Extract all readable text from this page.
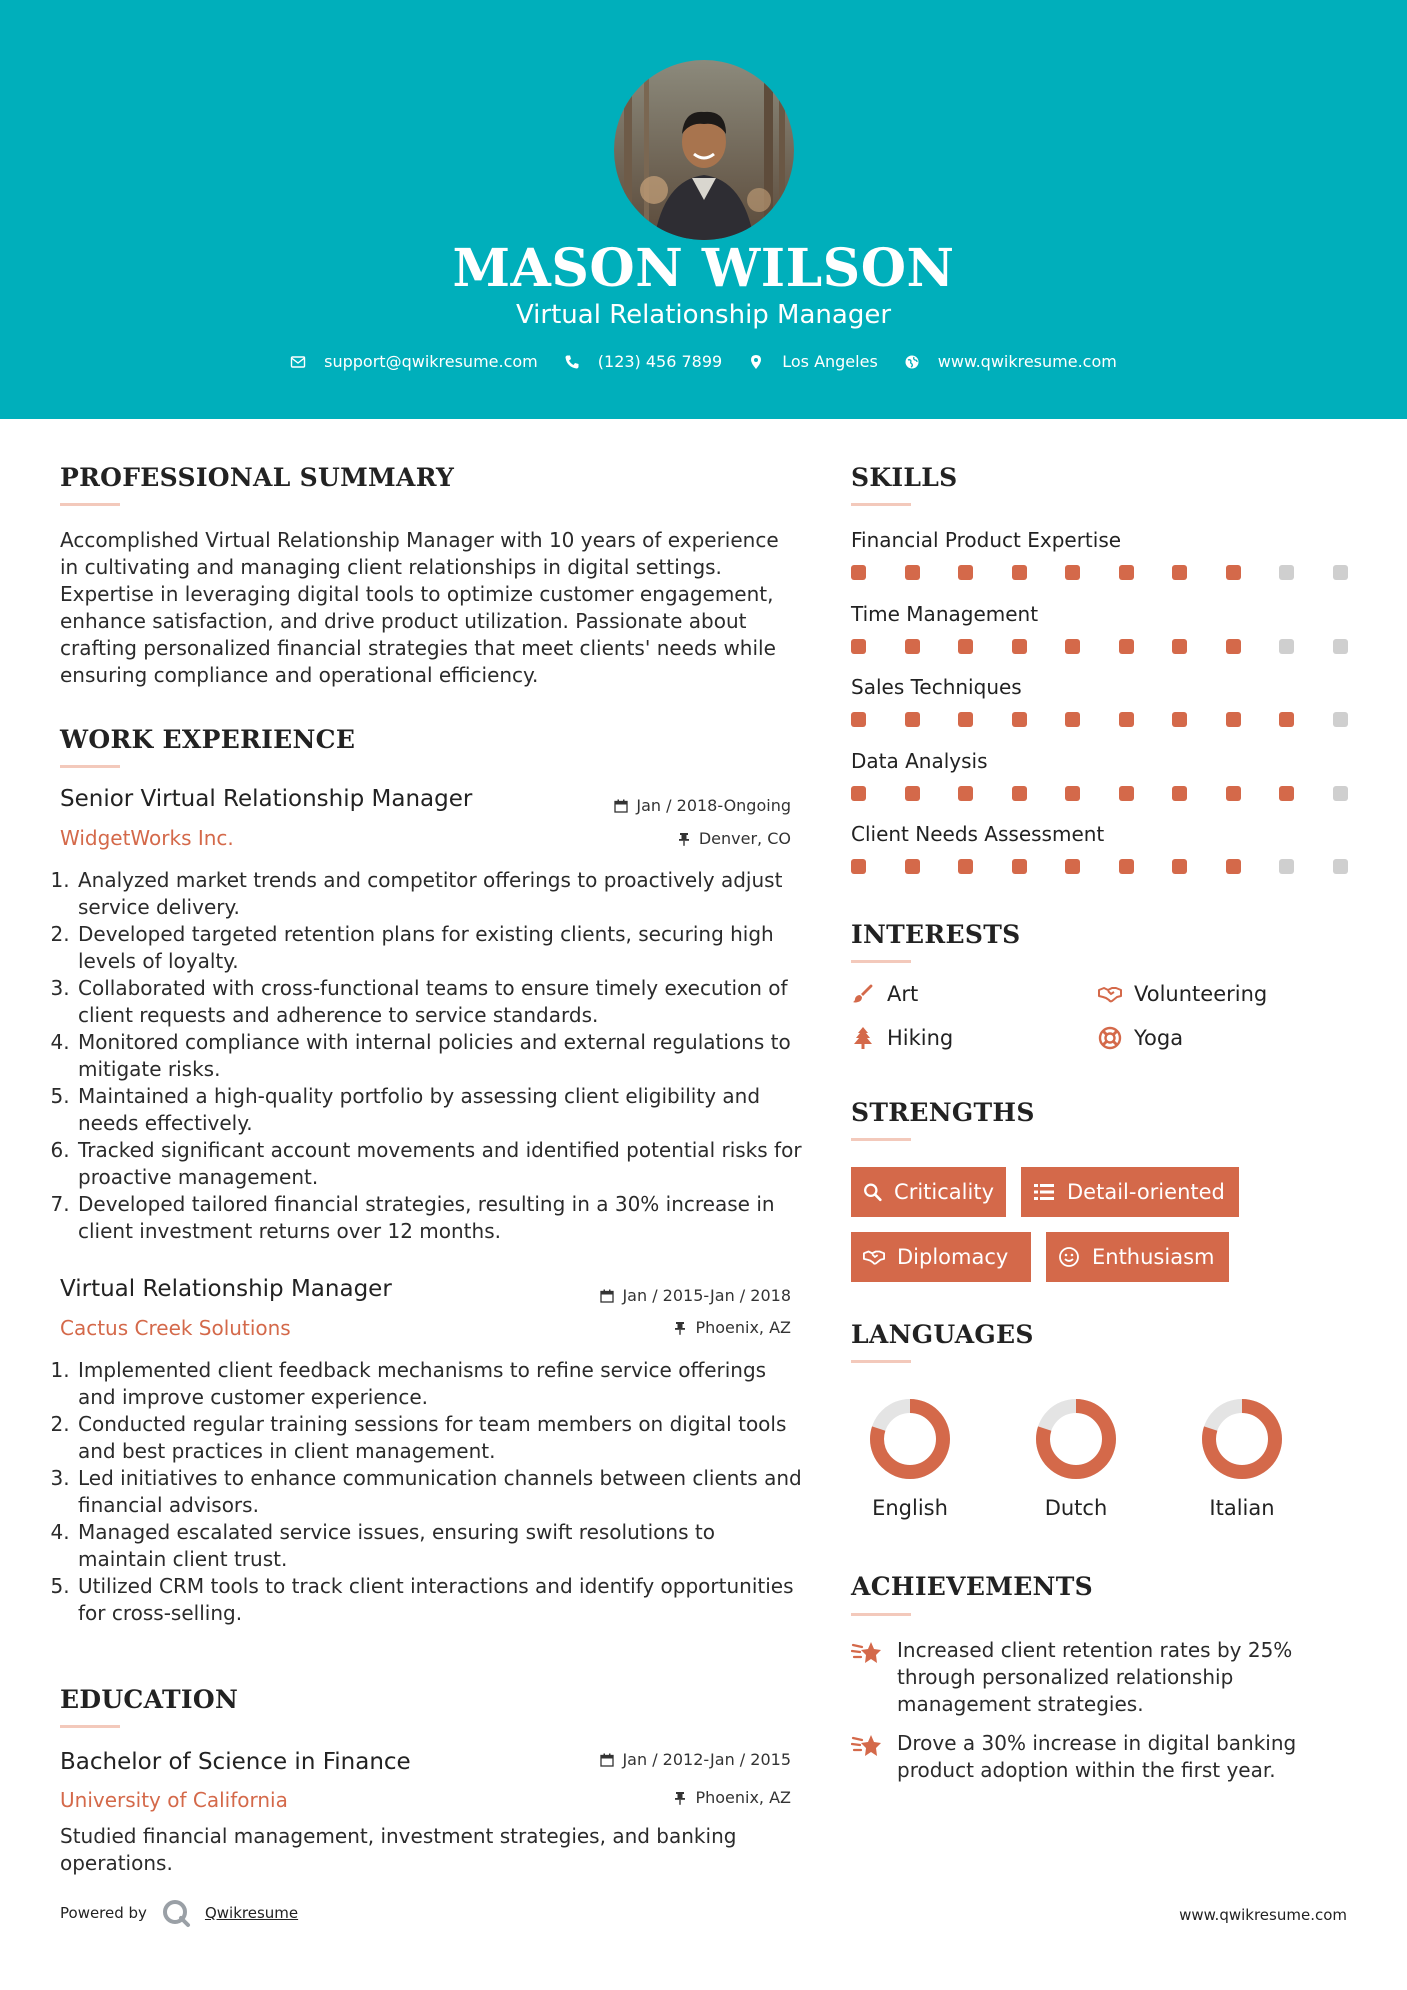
MASON WILSON
Virtual Relationship Manager
support@qwikresume.com	(123) 456 7899	Los Angeles	www.qwikresume.com
PROFESSIONAL SUMMARY
Accomplished Virtual Relationship Manager with 10 years of experience in cultivating and managing client relationships in digital settings. Expertise in leveraging digital tools to optimize customer engagement, enhance satisfaction, and drive product utilization. Passionate about crafting personalized financial strategies that meet clients' needs while ensuring compliance and operational efficiency.
WORK EXPERIENCE
Senior Virtual Relationship Manager	Jan / 2018-Ongoing
WidgetWorks Inc.	Denver, CO
1. Analyzed market trends and competitor offerings to proactively adjust service delivery.
2. Developed targeted retention plans for existing clients, securing high levels of loyalty.
3. Collaborated with cross-functional teams to ensure timely execution of client requests and adherence to service standards.
4. Monitored compliance with internal policies and external regulations to mitigate risks.
5. Maintained a high-quality portfolio by assessing client eligibility and needs effectively.
6. Tracked significant account movements and identified potential risks for proactive management.
7. Developed tailored financial strategies, resulting in a 30% increase in client investment returns over 12 months.
Virtual Relationship Manager	Jan / 2015-Jan / 2018
Cactus Creek Solutions	Phoenix, AZ
1. Implemented client feedback mechanisms to refine service offerings and improve customer experience.
2. Conducted regular training sessions for team members on digital tools and best practices in client management.
3. Led initiatives to enhance communication channels between clients and financial advisors.
4. Managed escalated service issues, ensuring swift resolutions to maintain client trust.
5. Utilized CRM tools to track client interactions and identify opportunities for cross-selling.
EDUCATION
Bachelor of Science in Finance	Jan / 2012-Jan / 2015
University of California	Phoenix, AZ
Studied financial management, investment strategies, and banking operations.
SKILLS
Financial Product Expertise
Time Management
Sales Techniques
Data Analysis
Client Needs Assessment
INTERESTS
Art	Volunteering
Hiking	Yoga
STRENGTHS
Criticality	Detail-oriented
Diplomacy	Enthusiasm
LANGUAGES
English	Dutch	Italian
ACHIEVEMENTS
Increased client retention rates by 25% through personalized relationship management strategies.
Drove a 30% increase in digital banking product adoption within the first year.
Powered by	Qwikresume	www.qwikresume.com
